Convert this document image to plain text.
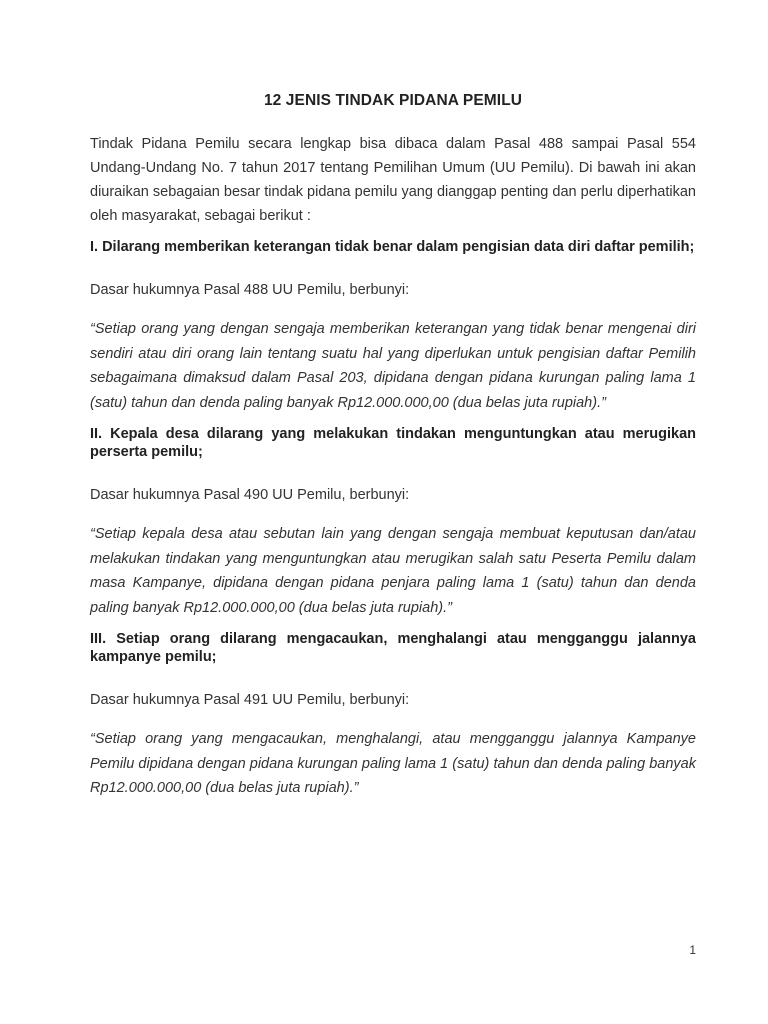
12 JENIS TINDAK PIDANA PEMILU

Tindak Pidana Pemilu secara lengkap bisa dibaca dalam Pasal 488 sampai Pasal 554 Undang-Undang No. 7 tahun 2017 tentang Pemilihan Umum (UU Pemilu). Di bawah ini akan diuraikan sebagaian besar tindak pidana pemilu yang dianggap penting dan perlu diperhatikan oleh masyarakat, sebagai berikut :

I. Dilarang memberikan keterangan tidak benar dalam pengisian data diri daftar pemilih;

Dasar hukumnya Pasal 488 UU Pemilu, berbunyi:

“Setiap orang yang dengan sengaja memberikan keterangan yang tidak benar mengenai diri sendiri atau diri orang lain tentang suatu hal yang diperlukan untuk pengisian daftar Pemilih sebagaimana dimaksud dalam Pasal 203, dipidana dengan pidana kurungan paling lama 1 (satu) tahun dan denda paling banyak Rp12.000.000,00 (dua belas juta rupiah).”

II. Kepala desa dilarang yang melakukan tindakan menguntungkan atau merugikan perserta pemilu;

Dasar hukumnya Pasal 490 UU Pemilu, berbunyi:

“Setiap kepala desa atau sebutan lain yang dengan sengaja membuat keputusan dan/atau melakukan tindakan yang menguntungkan atau merugikan salah satu Peserta Pemilu dalam masa Kampanye, dipidana dengan pidana penjara paling lama 1 (satu) tahun dan denda paling banyak Rp12.000.000,00 (dua belas juta rupiah).”

III. Setiap orang dilarang mengacaukan, menghalangi atau mengganggu jalannya kampanye pemilu;

Dasar hukumnya Pasal 491 UU Pemilu, berbunyi:

“Setiap orang yang mengacaukan, menghalangi, atau mengganggu jalannya Kampanye Pemilu dipidana dengan pidana kurungan paling lama 1 (satu) tahun dan denda paling banyak Rp12.000.000,00 (dua belas juta rupiah).”

1
